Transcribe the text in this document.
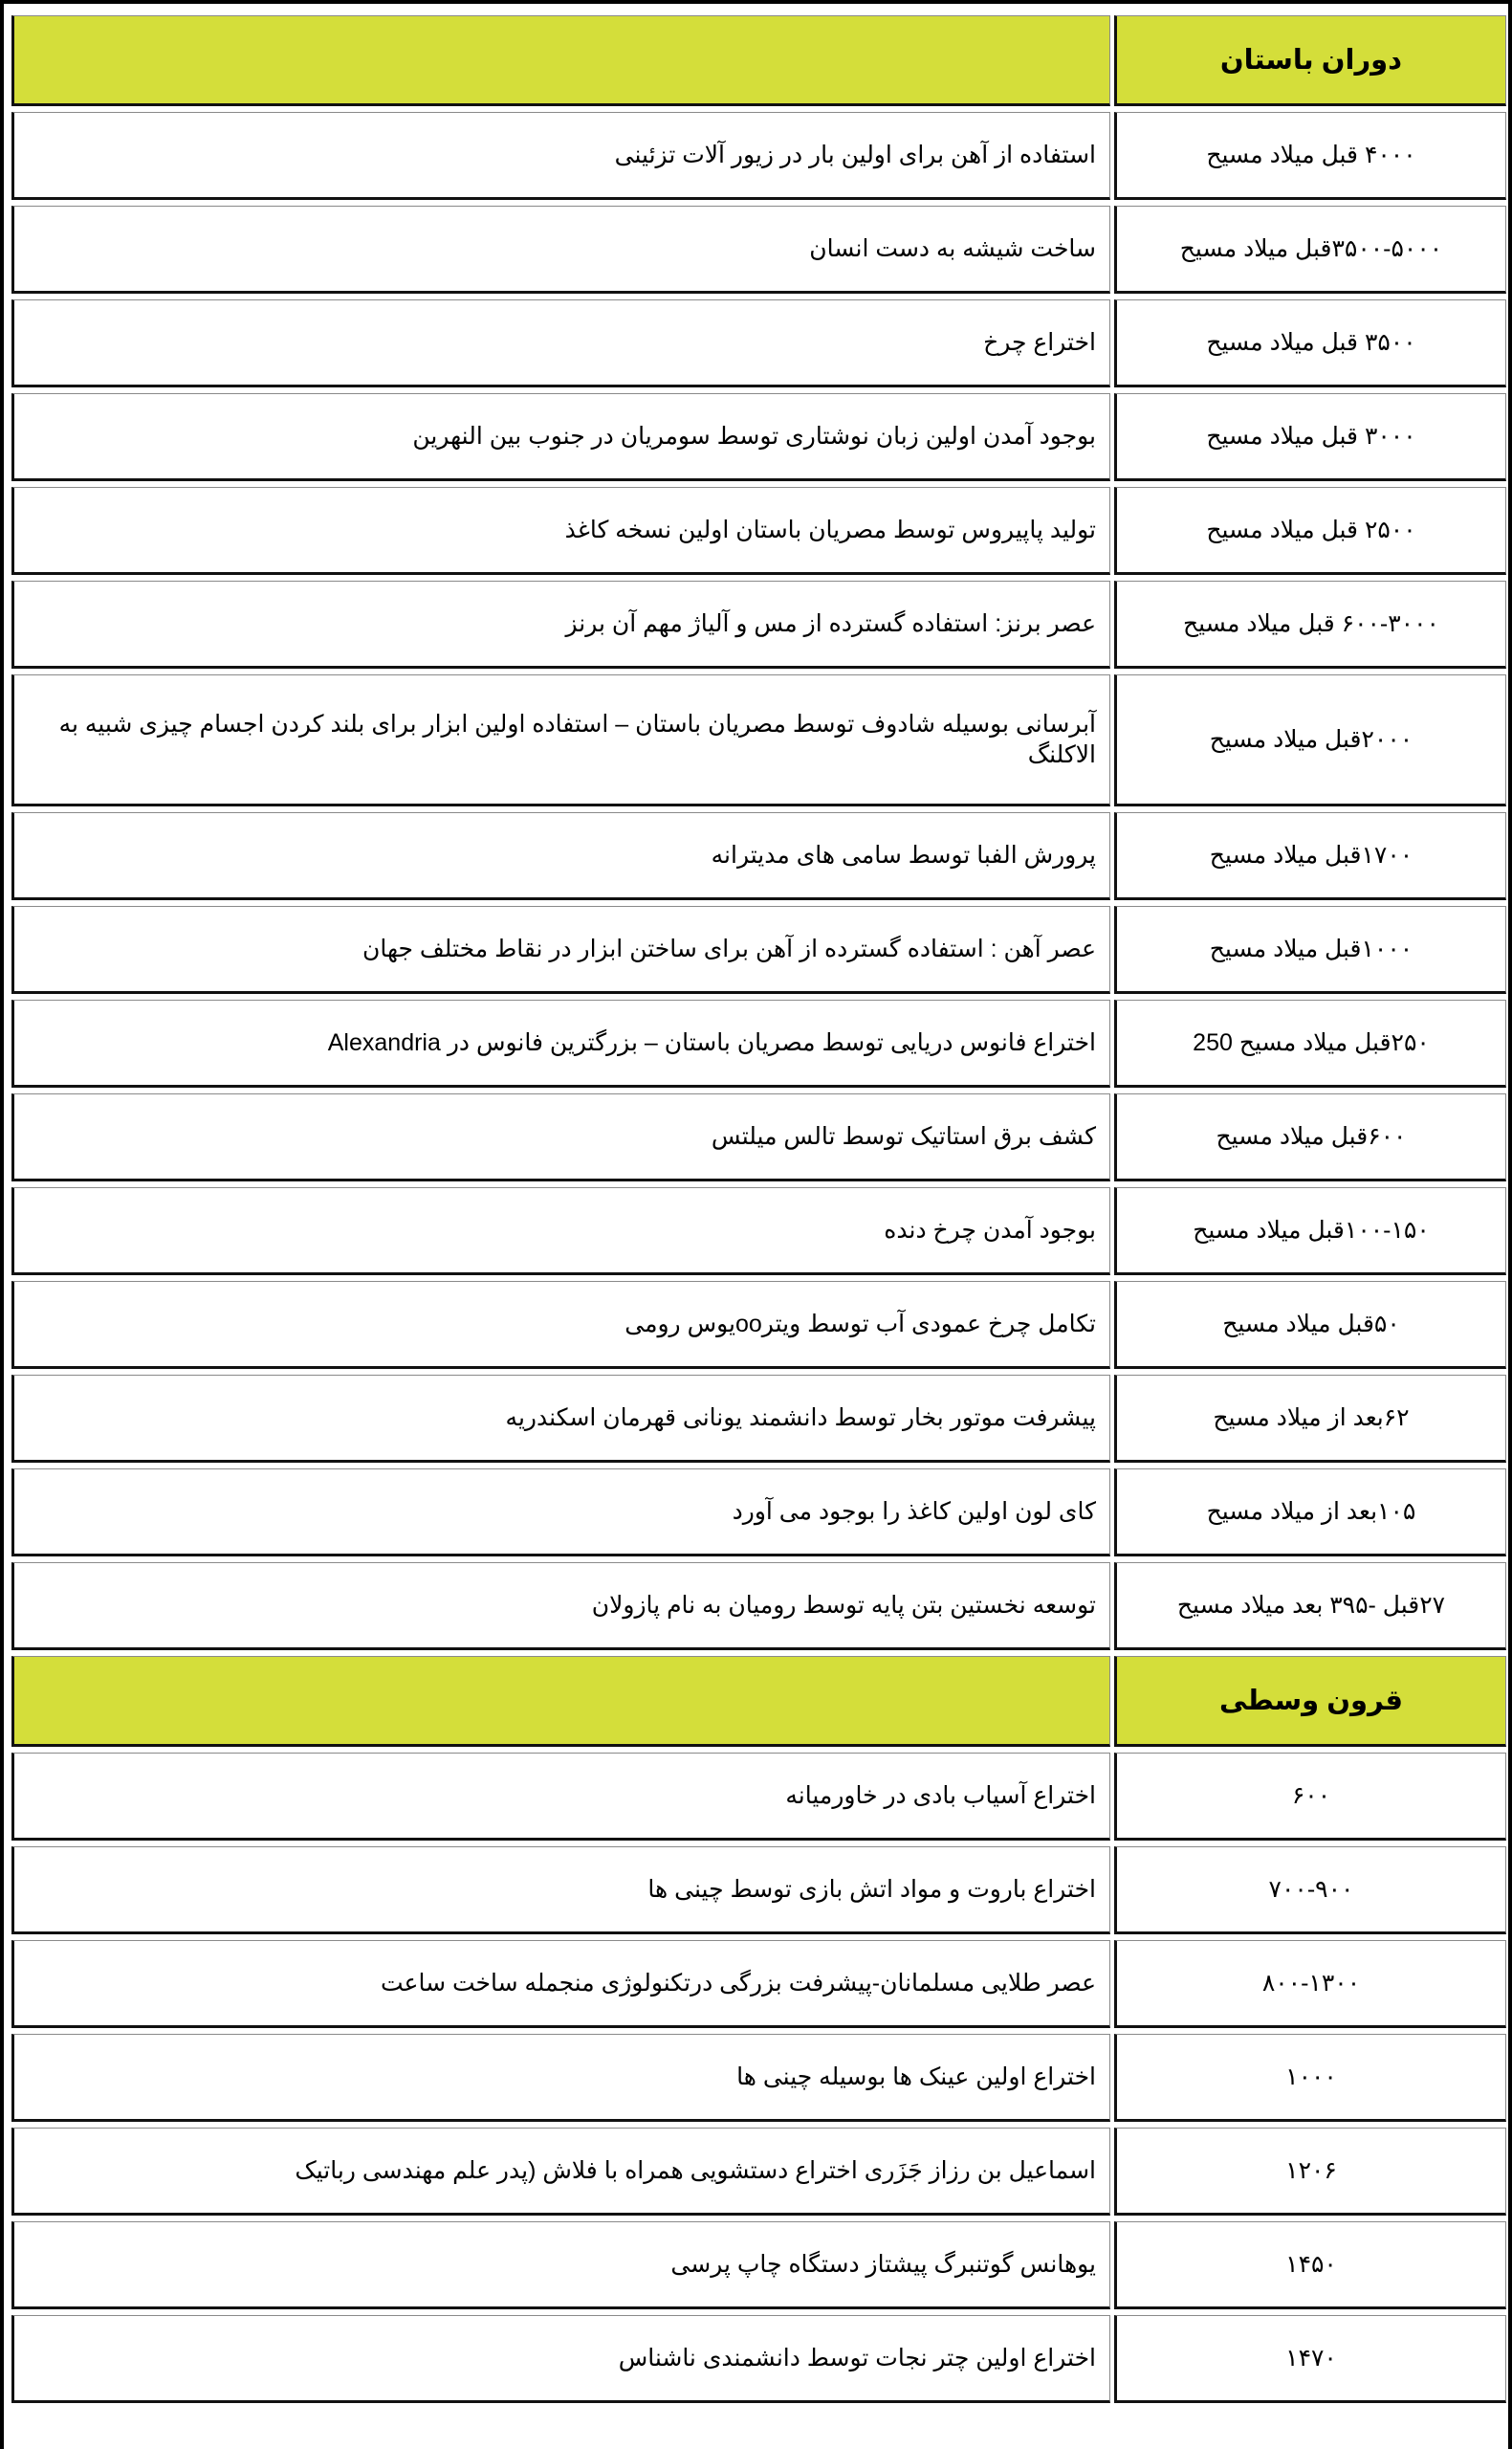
دوران باستان	
۴۰۰۰ قبل میلاد مسیح	استفاده از آهن برای اولین بار در زیور آلات تزئینی
۳۵۰۰-۵۰۰۰قبل میلاد مسیح	ساخت شیشه به دست انسان
۳۵۰۰ قبل میلاد مسیح	اختراع چرخ
۳۰۰۰ قبل میلاد مسیح	بوجود آمدن اولین زبان نوشتاری توسط سومریان در جنوب بین النهرین
۲۵۰۰ قبل میلاد مسیح	تولید پاپیروس توسط مصریان باستان اولین نسخه کاغذ
۶۰۰-۳۰۰۰ قبل میلاد مسیح	عصر برنز: استفاده گسترده از مس و آلیاژ مهم آن برنز
۲۰۰۰قبل میلاد مسیح	آبرسانی بوسیله شادوف توسط مصریان باستان – استفاده اولین ابزار برای بلند کردن اجسام چیزی شبیه به الاکلنگ
۱۷۰۰قبل میلاد مسیح	پرورش الفبا توسط سامی های مدیترانه
۱۰۰۰قبل میلاد مسیح	عصر آهن : استفاده گسترده از آهن برای ساختن ابزار در نقاط مختلف جهان
۲۵۰قبل میلاد مسیح 250	Alexandria اختراع فانوس دریایی توسط مصریان باستان – بزرگترین فانوس در
۶۰۰قبل میلاد مسیح	کشف برق استاتیک توسط تالس میلتس
۱۰۰-۱۵۰قبل میلاد مسیح	بوجود آمدن چرخ دنده
۵۰قبل میلاد مسیح	تکامل چرخ عمودی آب توسط ویترooیوس رومی
۶۲بعد از میلاد مسیح	پیشرفت موتور بخار توسط دانشمند یونانی قهرمان اسکندریه
۱۰۵بعد از میلاد مسیح	کای لون اولین کاغذ را بوجود می آورد
۲۷قبل -۳۹۵ بعد میلاد مسیح	توسعه نخستین بتن پایه توسط رومیان به نام پازولان
قرون وسطی	
۶۰۰	اختراع آسیاب بادی در خاورمیانه
۷۰۰-۹۰۰	اختراع باروت و مواد اتش بازی توسط چینی ها
۸۰۰-۱۳۰۰	عصر طلایی مسلمانان-پیشرفت بزرگی درتکنولوژی منجمله ساخت ساعت
۱۰۰۰	اختراع اولین عینک ها بوسیله چینی ها
۱۲۰۶	اسماعیل بن رزاز جَزَری اختراع دستشویی همراه با فلاش (پدر علم مهندسی رباتیک
۱۴۵۰	یوهانس گوتنبرگ پیشتاز دستگاه چاپ پرسی
۱۴۷۰	اختراع اولین چتر نجات توسط دانشمندی ناشناس
